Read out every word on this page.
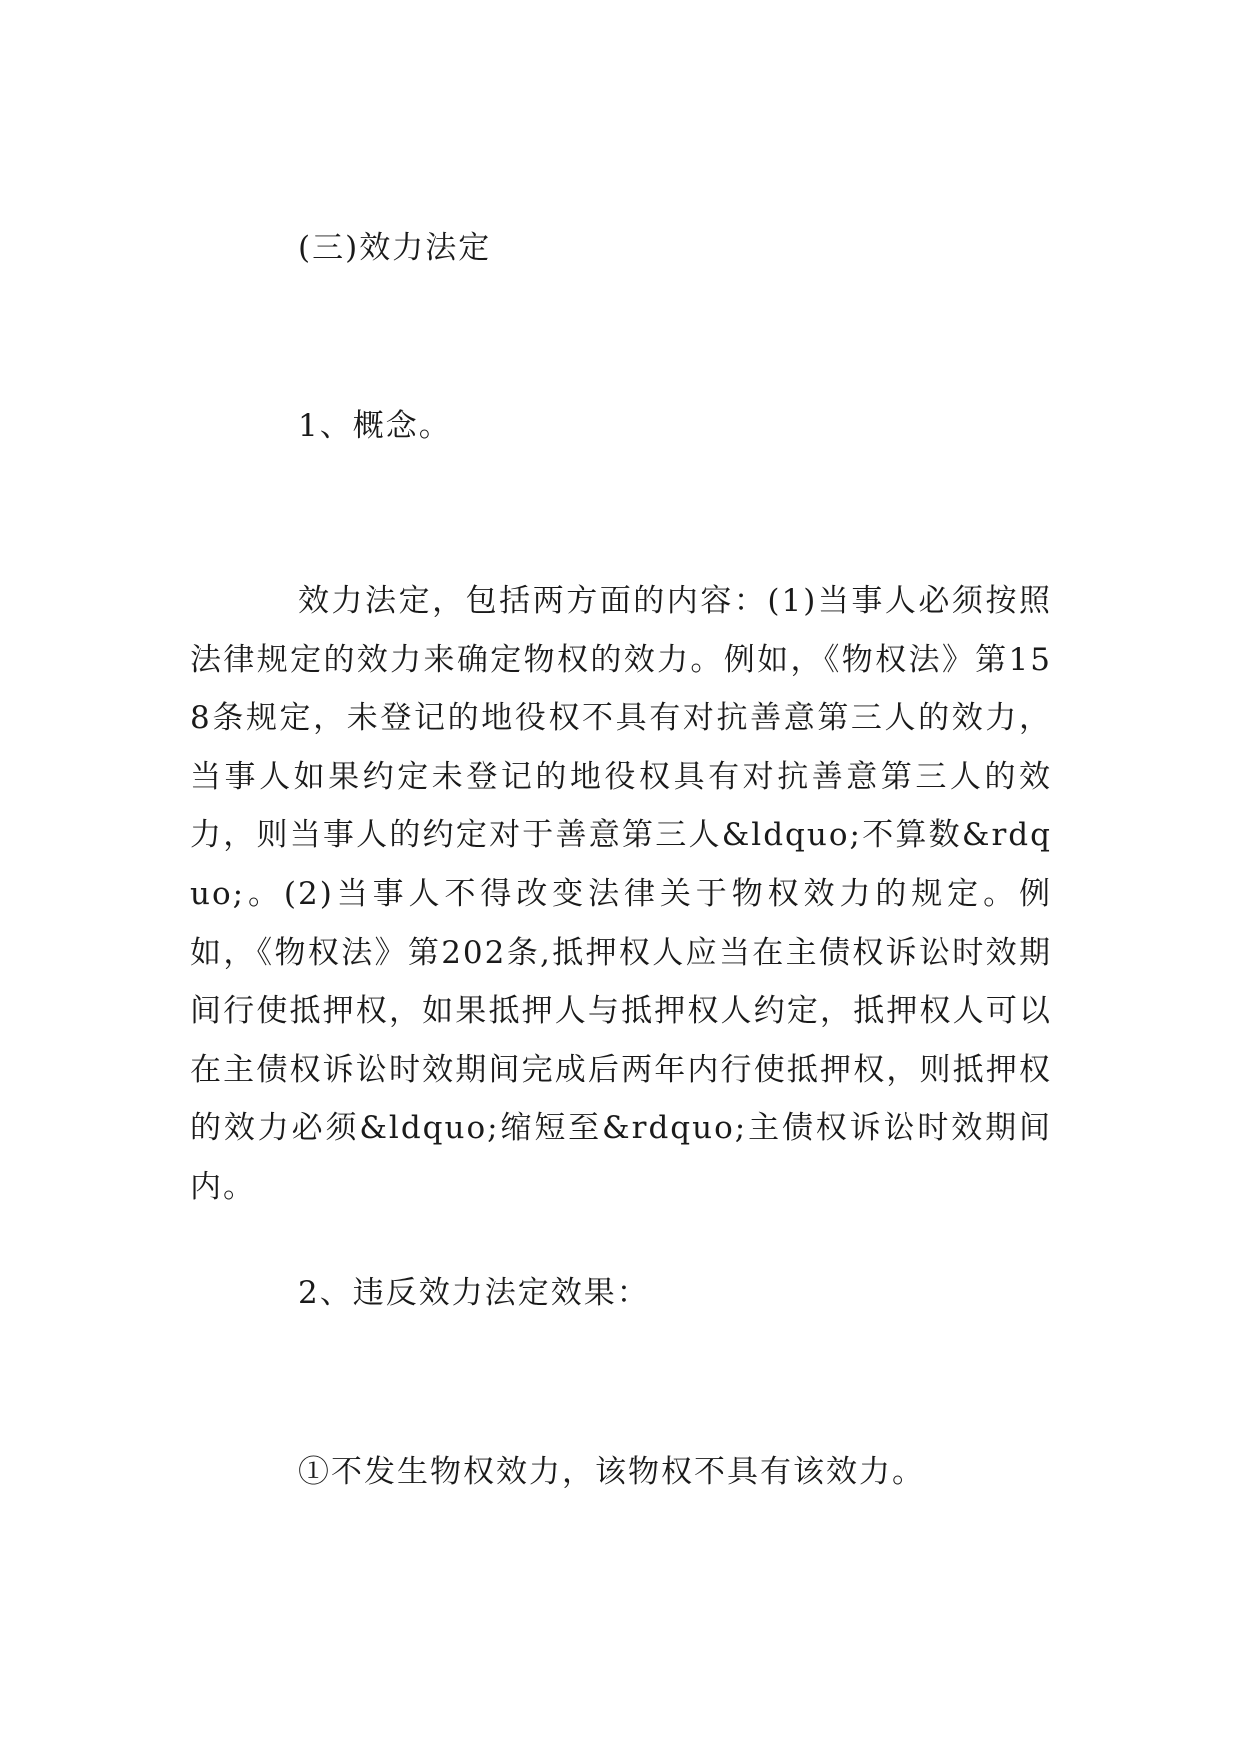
(三)效力法定
1、概念。

效力法定，包括两方面的内容：(1)当事人必须按照法律规定的效力来确定物权的效力。例如，《物权法》第158条规定，未登记的地役权不具有对抗善意第三人的效力，当事人如果约定未登记的地役权具有对抗善意第三人的效力，则当事人的约定对于善意第三人&ldquo;不算数&rdquo;。(2)当事人不得改变法律关于物权效力的规定。例如，《物权法》第202条,抵押权人应当在主债权诉讼时效期间行使抵押权，如果抵押人与抵押权人约定，抵押权人可以在主债权诉讼时效期间完成后两年内行使抵押权，则抵押权的效力必须&ldquo;缩短至&rdquo;主债权诉讼时效期间内。

2、违反效力法定效果：

①不发生物权效力，该物权不具有该效力。
